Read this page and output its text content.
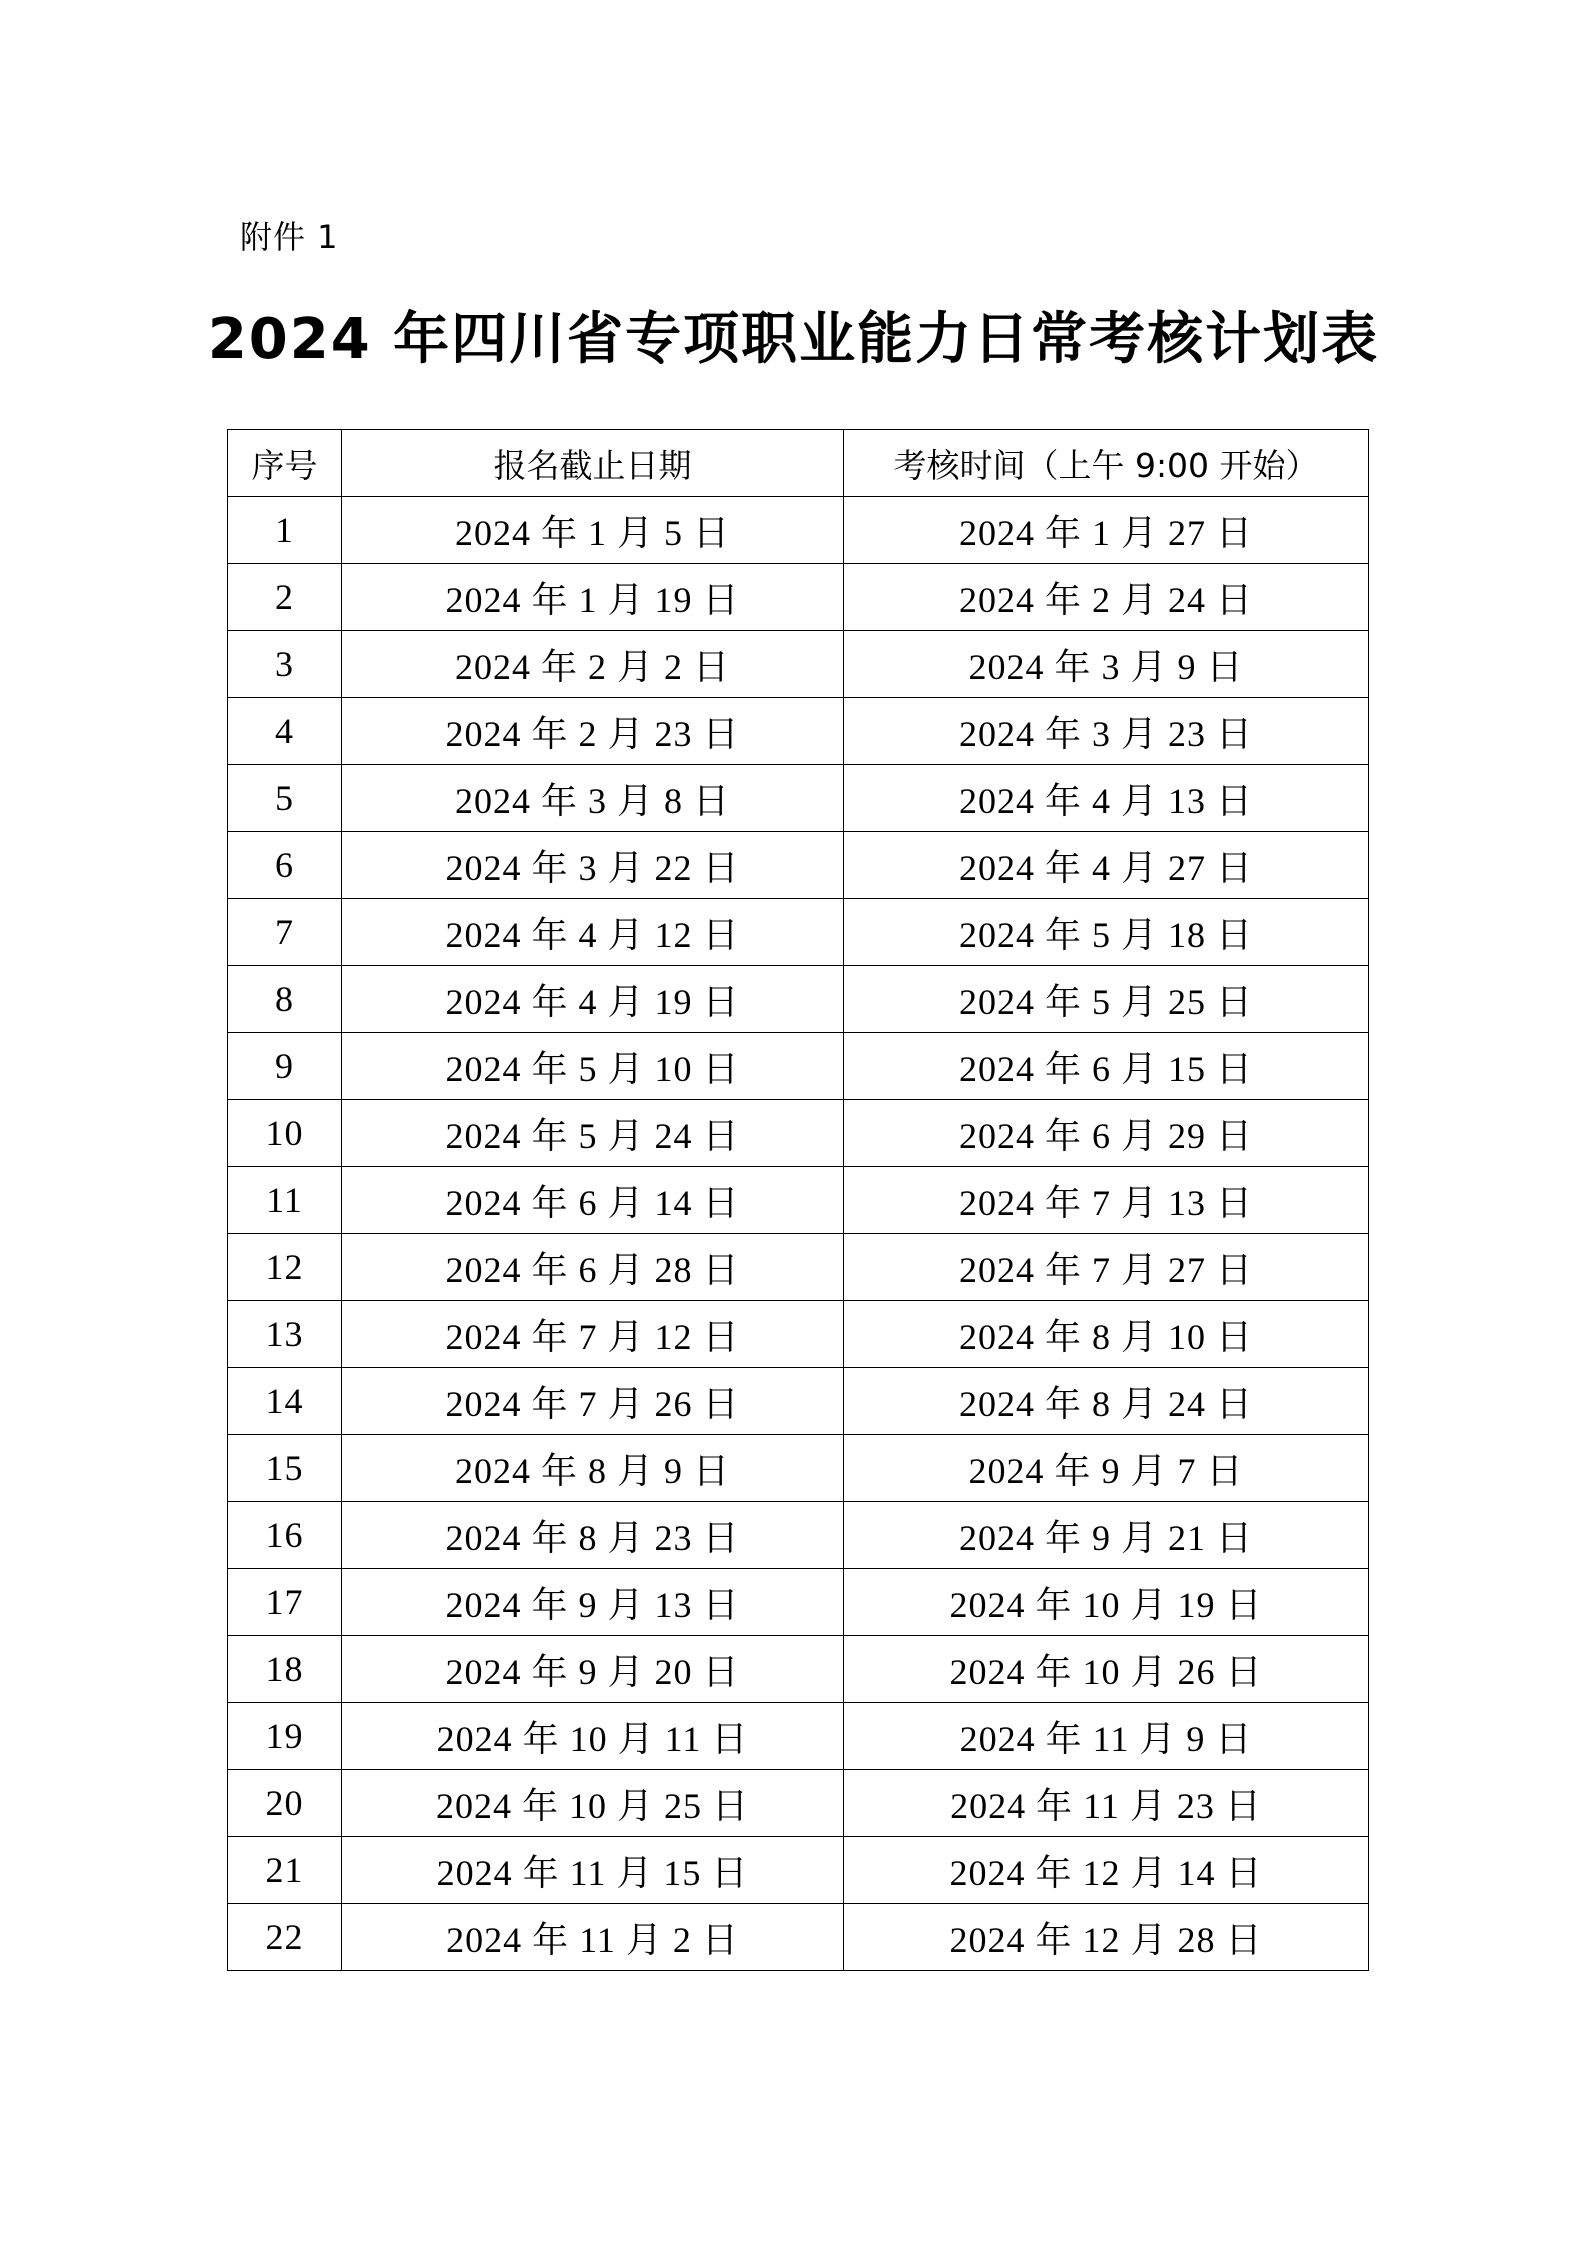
附件 1
2024 年四川省专项职业能力日常考核计划表
序号	报名截止日期	考核时间（上午 9:00 开始）
1	2024 年 1 月 5 日	2024 年 1 月 27 日
2	2024 年 1 月 19 日	2024 年 2 月 24 日
3	2024 年 2 月 2 日	2024 年 3 月 9 日
4	2024 年 2 月 23 日	2024 年 3 月 23 日
5	2024 年 3 月 8 日	2024 年 4 月 13 日
6	2024 年 3 月 22 日	2024 年 4 月 27 日
7	2024 年 4 月 12 日	2024 年 5 月 18 日
8	2024 年 4 月 19 日	2024 年 5 月 25 日
9	2024 年 5 月 10 日	2024 年 6 月 15 日
10	2024 年 5 月 24 日	2024 年 6 月 29 日
11	2024 年 6 月 14 日	2024 年 7 月 13 日
12	2024 年 6 月 28 日	2024 年 7 月 27 日
13	2024 年 7 月 12 日	2024 年 8 月 10 日
14	2024 年 7 月 26 日	2024 年 8 月 24 日
15	2024 年 8 月 9 日	2024 年 9 月 7 日
16	2024 年 8 月 23 日	2024 年 9 月 21 日
17	2024 年 9 月 13 日	2024 年 10 月 19 日
18	2024 年 9 月 20 日	2024 年 10 月 26 日
19	2024 年 10 月 11 日	2024 年 11 月 9 日
20	2024 年 10 月 25 日	2024 年 11 月 23 日
21	2024 年 11 月 15 日	2024 年 12 月 14 日
22	2024 年 11 月 2 日	2024 年 12 月 28 日
